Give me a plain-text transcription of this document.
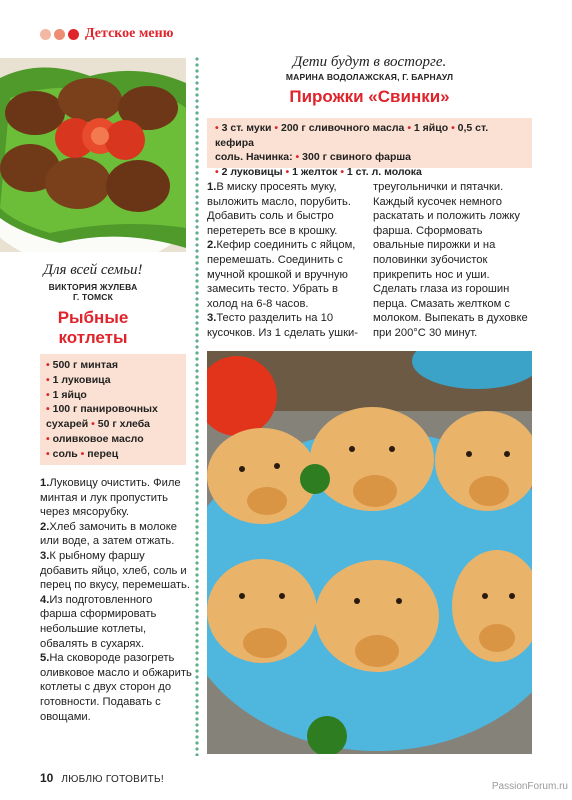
Детское меню
Для всей семьи!
ВИКТОРИЯ ЖУЛЕВА
Г. ТОМСК
Рыбные
котлеты
• 500 г минтая
• 1 луковица
• 1 яйцо
• 100 г панировочных
сухарей • 50 г хлеба
• оливковое масло
• соль • перец

1.Луковицу очистить. Филе минтая и лук пропустить через мясорубку.

2.Хлеб замочить в молоке или воде, а затем отжать.

3.К рыбному фаршу добавить яйцо, хлеб, соль и перец по вкусу, перемешать.

4.Из подготовленного фарша сформировать небольшие котлеты, обвалять в сухарях.

5.На сковороде разогреть оливковое масло и обжарить котлеты с двух сторон до готовности. Подавать с овощами.

Дети будут в восторге.
МАРИНА ВОДОЛАЖСКАЯ, Г. БАРНАУЛ
Пирожки «Свинки»
• 3 ст. муки • 200 г сливочного масла • 1 яйцо • 0,5 ст. кефира
соль. Начинка: • 300 г свиного фарша
• 2 луковицы • 1 желток • 1 ст. л. молока

1.В миску просеять муку, выложить масло, порубить. Добавить соль и быстро перетереть все в крошку.

2.Кефир соединить с яйцом, перемешать. Соединить с мучной крошкой и вручную замесить тесто. Убрать в холод на 6-8 часов.

3.Тесто разделить на 10 кусочков. Из 1 сделать ушки-

треугольнички и пятачки. Каждый кусочек немного раскатать и положить ложку фарша. Сформовать овальные пирожки и на половинки зубочисток прикрепить нос и уши. Сделать глаза из горошин перца. Смазать желтком с молоком. Выпекать в духовке при 200°С 30 минут.
10 ЛЮБЛЮ ГОТОВИТЬ!
PassionForum.ru
